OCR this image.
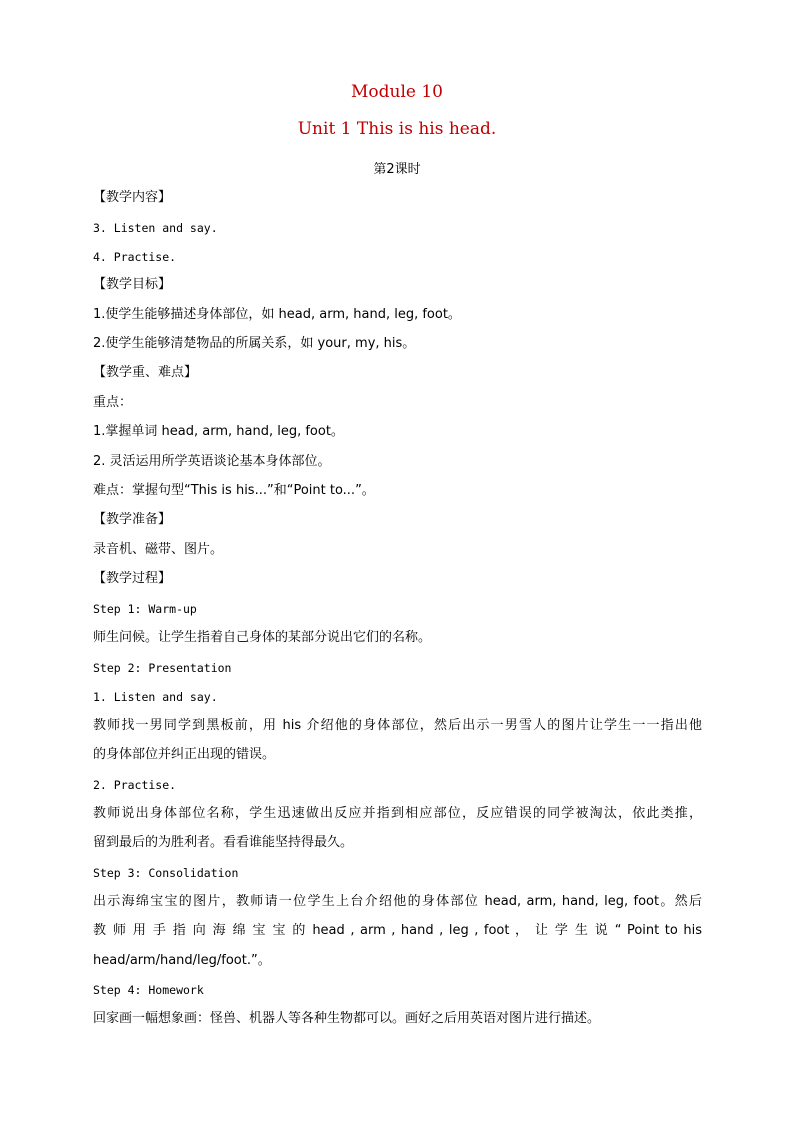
Module 10
Unit 1 This is his head.
第2课时
【教学内容】
3. Listen and say.
4. Practise.
【教学目标】
1.使学生能够描述身体部位，如 head, arm, hand, leg, foot。
2.使学生能够清楚物品的所属关系，如 your, my, his。
【教学重、难点】
重点：
1.掌握单词 head, arm, hand, leg, foot。
2. 灵活运用所学英语谈论基本身体部位。
难点：掌握句型“This is his...”和“Point to...”。
【教学准备】
录音机、磁带、图片。
【教学过程】
Step 1: Warm-up
师生问候。让学生指着自己身体的某部分说出它们的名称。
Step 2: Presentation
1. Listen and say.
教师找一男同学到黑板前，用 his 介绍他的身体部位，然后出示一男雪人的图片让学生一一指出他
的身体部位并纠正出现的错误。
2. Practise.
教师说出身体部位名称，学生迅速做出反应并指到相应部位，反应错误的同学被淘汰，依此类推，
留到最后的为胜利者。看看谁能坚持得最久。
Step 3: Consolidation
出示海绵宝宝的图片，教师请一位学生上台介绍他的身体部位 head, arm, hand, leg, foot。然后
教 师 用 手 指 向 海 绵 宝 宝 的 head , arm , hand , leg , foot ， 让 学 生 说 “ Point to his
head/arm/hand/leg/foot.”。
Step 4: Homework
回家画一幅想象画：怪兽、机器人等各种生物都可以。画好之后用英语对图片进行描述。
